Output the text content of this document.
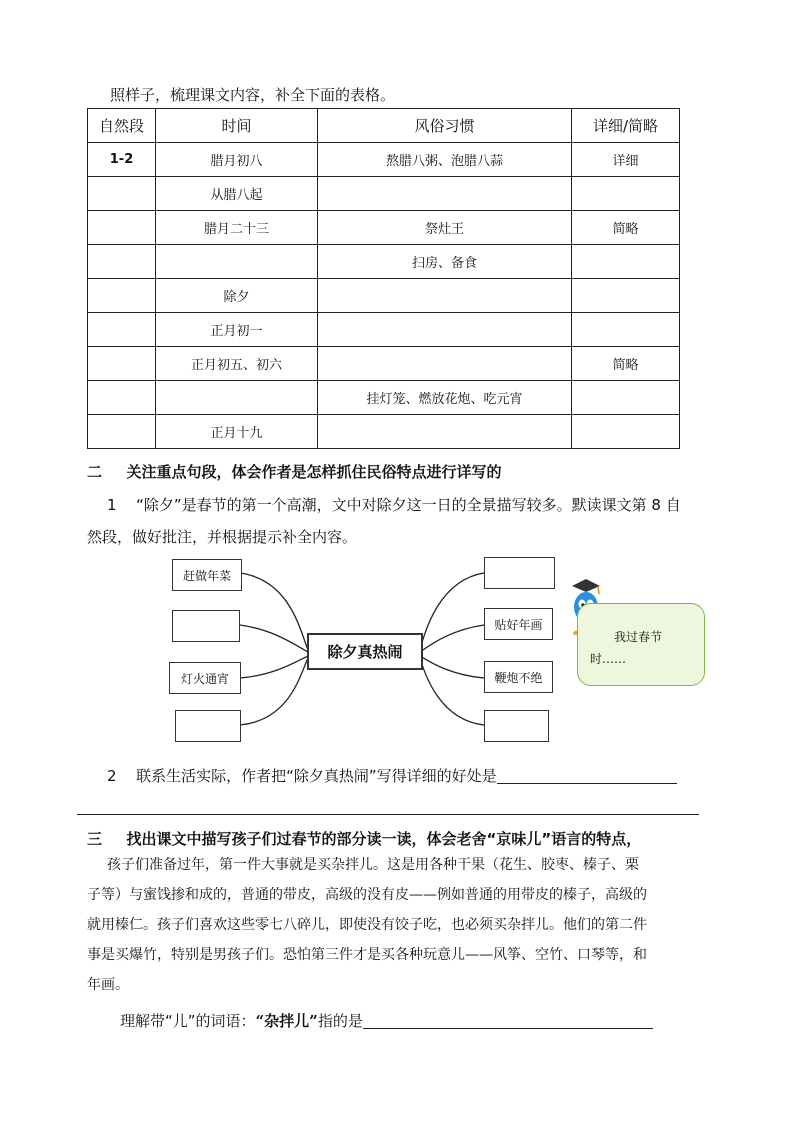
照样子，梳理课文内容，补全下面的表格。
自然段	时间	风俗习惯	详细/简略
1-2	腊月初八	熬腊八粥、泡腊八蒜	详细
	从腊八起		
	腊月二十三	祭灶王	简略
		扫房、备食	
	除夕		
	正月初一		
	正月初五、初六		简略
		挂灯笼、燃放花炮、吃元宵	
	正月十九		
二 关注重点句段，体会作者是怎样抓住民俗特点进行详写的
1 “除夕”是春节的第一个高潮，文中对除夕这一日的全景描写较多。默读课文第 8 自
然段，做好批注，并根据提示补全内容。
赶做年菜
灯火通宵
除夕真热闹
贴好年画
鞭炮不绝
我过春节时……
2 联系生活实际，作者把“除夕真热闹”写得详细的好处是
三 找出课文中描写孩子们过春节的部分读一读，体会老舍“京味儿”语言的特点，
孩子们准备过年，第一件大事就是买杂拌儿。这是用各种干果（花生、胶枣、榛子、栗
子等）与蜜饯掺和成的，普通的带皮，高级的没有皮——例如普通的用带皮的榛子，高级的
就用榛仁。孩子们喜欢这些零七八碎儿，即使没有饺子吃，也必须买杂拌儿。他们的第二件
事是买爆竹，特别是男孩子们。恐怕第三件才是买各种玩意儿——风筝、空竹、口琴等，和
年画。
理解带“儿”的词语：“杂拌儿”指的是
